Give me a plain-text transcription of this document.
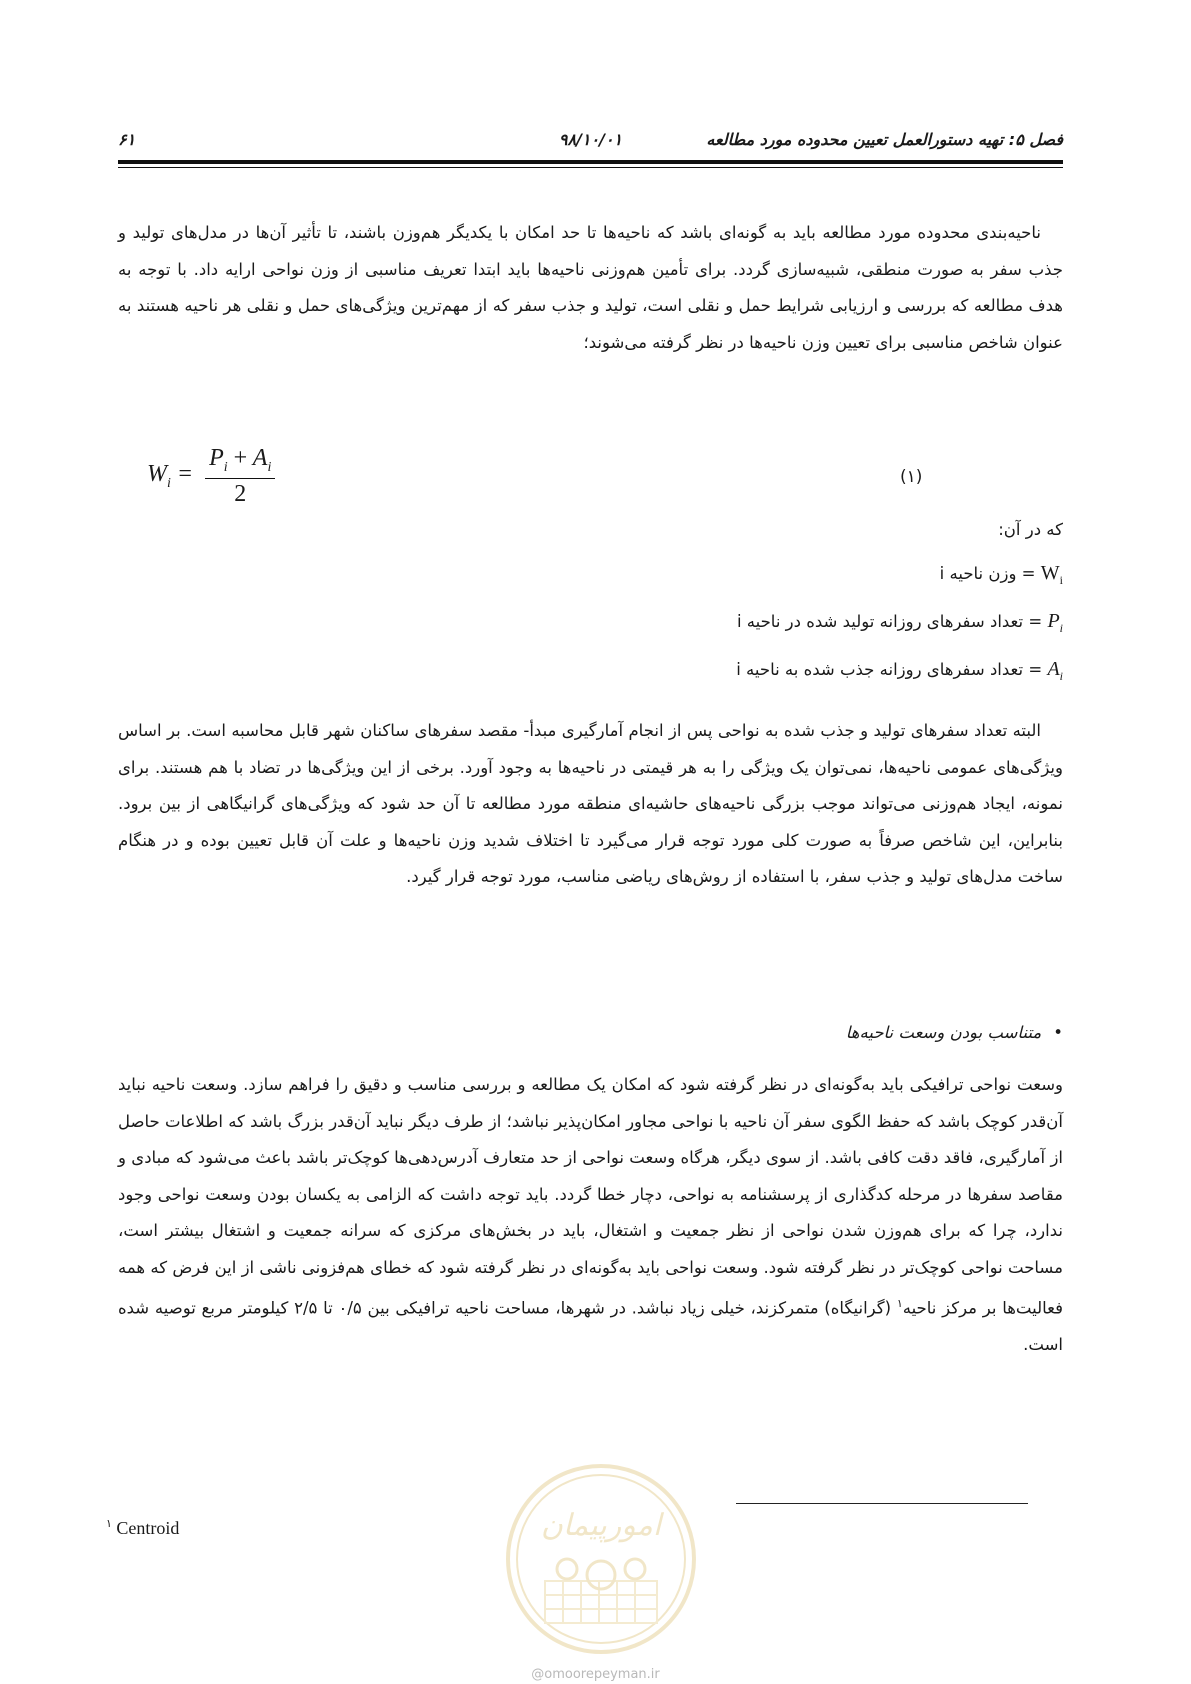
فصل ۵: تهیه دستورالعمل تعیین محدوده مورد مطالعه
۹۸/۱۰/۰۱
۶۱

ناحیه‌بندی محدوده مورد مطالعه باید به گونه‌ای باشد که ناحیه‌ها تا حد امکان با یکدیگر هم‌وزن باشند، تا تأثیر آن‌ها در مدل‌های تولید و جذب سفر به صورت منطقی، شبیه‌سازی گردد. برای تأمین هم‌وزنی ناحیه‌ها باید ابتدا تعریف مناسبی از وزن نواحی ارایه داد. با توجه به هدف مطالعه که بررسی و ارزیابی شرایط حمل و نقلی است، تولید و جذب سفر که از مهم‌ترین ویژگی‌های حمل و نقلی هر ناحیه هستند به عنوان شاخص مناسبی برای تعیین وزن ناحیه‌ها در نظر گرفته می‌شوند؛

$W_i = \frac{P_i + A_i}{2}$	(۱)
که در آن:
$W_i$ = وزن ناحیه i
$P_i$ = تعداد سفرهای روزانه تولید شده در ناحیه i
$A_i$ = تعداد سفرهای روزانه جذب شده به ناحیه i

البته تعداد سفرهای تولید و جذب شده به نواحی پس از انجام آمارگیری مبدأ- مقصد سفرهای ساکنان شهر قابل محاسبه است. بر اساس ویژگی‌های عمومی ناحیه‌ها، نمی‌توان یک ویژگی را به هر قیمتی در ناحیه‌ها به وجود آورد. برخی از این ویژگی‌ها در تضاد با هم هستند. برای نمونه، ایجاد هم‌وزنی می‌تواند موجب بزرگی ناحیه‌های حاشیه‌ای منطقه مورد مطالعه تا آن حد شود که ویژگی‌های گرانیگاهی از بین برود. بنابراین، این شاخص صرفاً به صورت کلی مورد توجه قرار می‌گیرد تا اختلاف شدید وزن ناحیه‌ها و علت آن قابل تعیین بوده و در هنگام ساخت مدل‌های تولید و جذب سفر، با استفاده از روش‌های ریاضی مناسب، مورد توجه قرار گیرد.

•متناسب بودن وسعت ناحیه‌ها

وسعت نواحی ترافیکی باید به‌گونه‌ای در نظر گرفته شود که امکان یک مطالعه و بررسی مناسب و دقیق را فراهم سازد. وسعت ناحیه نباید آن‌قدر کوچک باشد که حفظ الگوی سفر آن ناحیه با نواحی مجاور امکان‌پذیر نباشد؛ از طرف دیگر نباید آن‌قدر بزرگ باشد که اطلاعات حاصل از آمارگیری، فاقد دقت کافی باشد. از سوی دیگر، هرگاه وسعت نواحی از حد متعارف آدرس‌دهی‌ها کوچک‌تر باشد باعث می‌شود که مبادی و مقاصد سفرها در مرحله کدگذاری از پرسشنامه به نواحی، دچار خطا گردد. باید توجه داشت که الزامی به یکسان بودن وسعت نواحی وجود ندارد، چرا که برای هم‌وزن شدن نواحی از نظر جمعیت و اشتغال، باید در بخش‌های مرکزی که سرانه جمعیت و اشتغال بیشتر است، مساحت نواحی کوچک‌تر در نظر گرفته شود. وسعت نواحی باید به‌گونه‌ای در نظر گرفته شود که خطای هم‌فزونی ناشی از این فرض که همه فعالیت‌ها بر مرکز ناحیه$^۱$ (گرانیگاه) متمرکزند، خیلی زیاد نباشد. در شهرها، مساحت ناحیه ترافیکی بین ۰/۵ تا ۲/۵ کیلومتر مربع توصیه شده است.

$^۱$ Centroid	امورپیمان
@omoorepeyman.ir
